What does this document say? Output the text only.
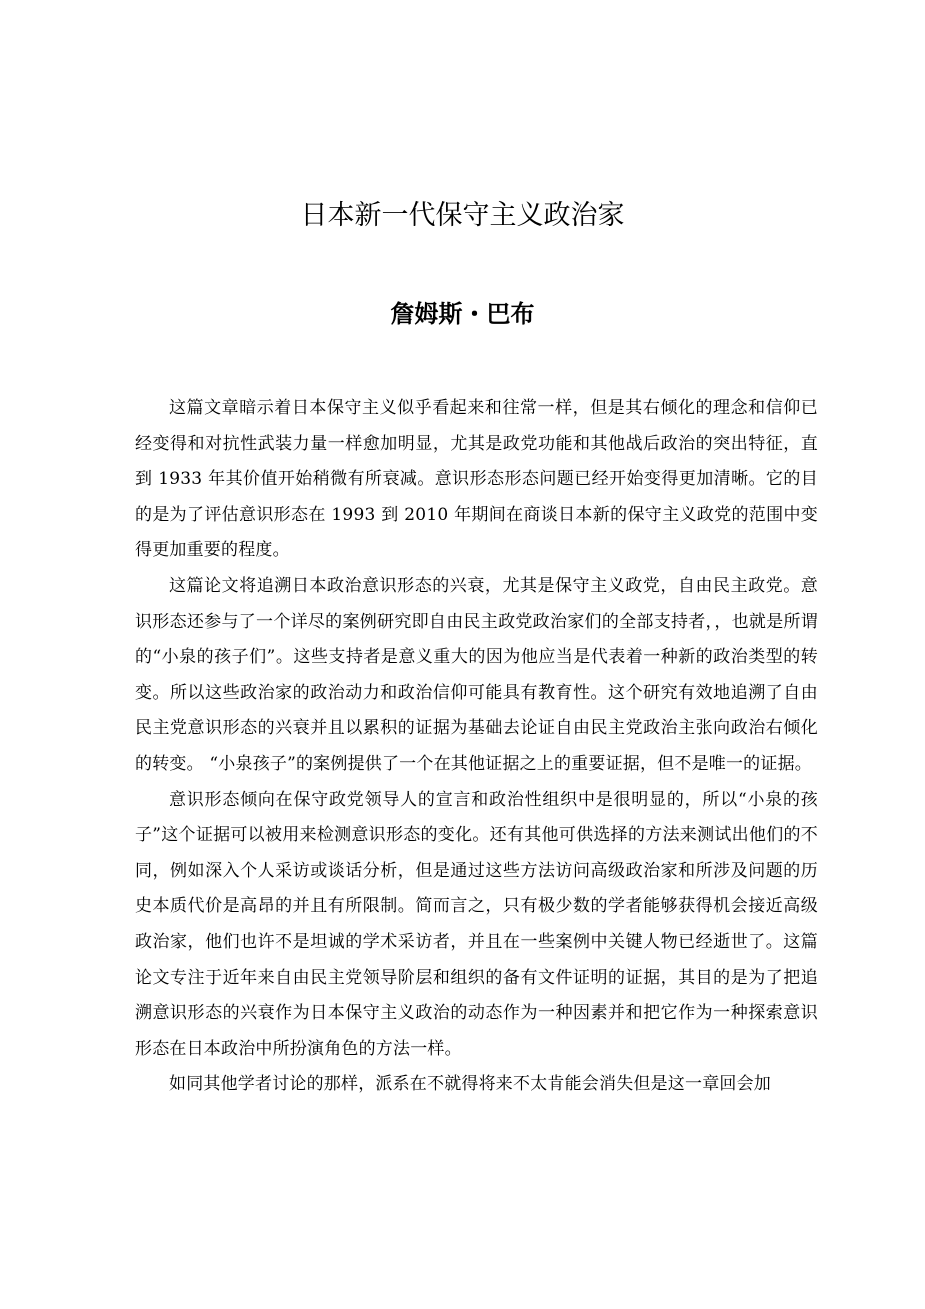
日本新一代保守主义政治家
詹姆斯・巴布

这篇文章暗示着日本保守主义似乎看起来和往常一样，但是其右倾化的理念和信仰已经变得和对抗性武装力量一样愈加明显，尤其是政党功能和其他战后政治的突出特征，直到 1933 年其价值开始稍微有所衰减。意识形态形态问题已经开始变得更加清晰。它的目的是为了评估意识形态在 1993 到 2010 年期间在商谈日本新的保守主义政党的范围中变得更加重要的程度。

这篇论文将追溯日本政治意识形态的兴衰，尤其是保守主义政党，自由民主政党。意识形态还参与了一个详尽的案例研究即自由民主政党政治家们的全部支持者，，也就是所谓的“小泉的孩子们”。这些支持者是意义重大的因为他应当是代表着一种新的政治类型的转变。所以这些政治家的政治动力和政治信仰可能具有教育性。这个研究有效地追溯了自由民主党意识形态的兴衰并且以累积的证据为基础去论证自由民主党政治主张向政治右倾化的转变。 “小泉孩子”的案例提供了一个在其他证据之上的重要证据，但不是唯一的证据。

意识形态倾向在保守政党领导人的宣言和政治性组织中是很明显的，所以“小泉的孩子”这个证据可以被用来检测意识形态的变化。还有其他可供选择的方法来测试出他们的不同，例如深入个人采访或谈话分析，但是通过这些方法访问高级政治家和所涉及问题的历史本质代价是高昂的并且有所限制。简而言之，只有极少数的学者能够获得机会接近高级政治家，他们也许不是坦诚的学术采访者，并且在一些案例中关键人物已经逝世了。这篇论文专注于近年来自由民主党领导阶层和组织的备有文件证明的证据，其目的是为了把追溯意识形态的兴衰作为日本保守主义政治的动态作为一种因素并和把它作为一种探索意识形态在日本政治中所扮演角色的方法一样。

如同其他学者讨论的那样，派系在不就得将来不太肯能会消失但是这一章回会加
